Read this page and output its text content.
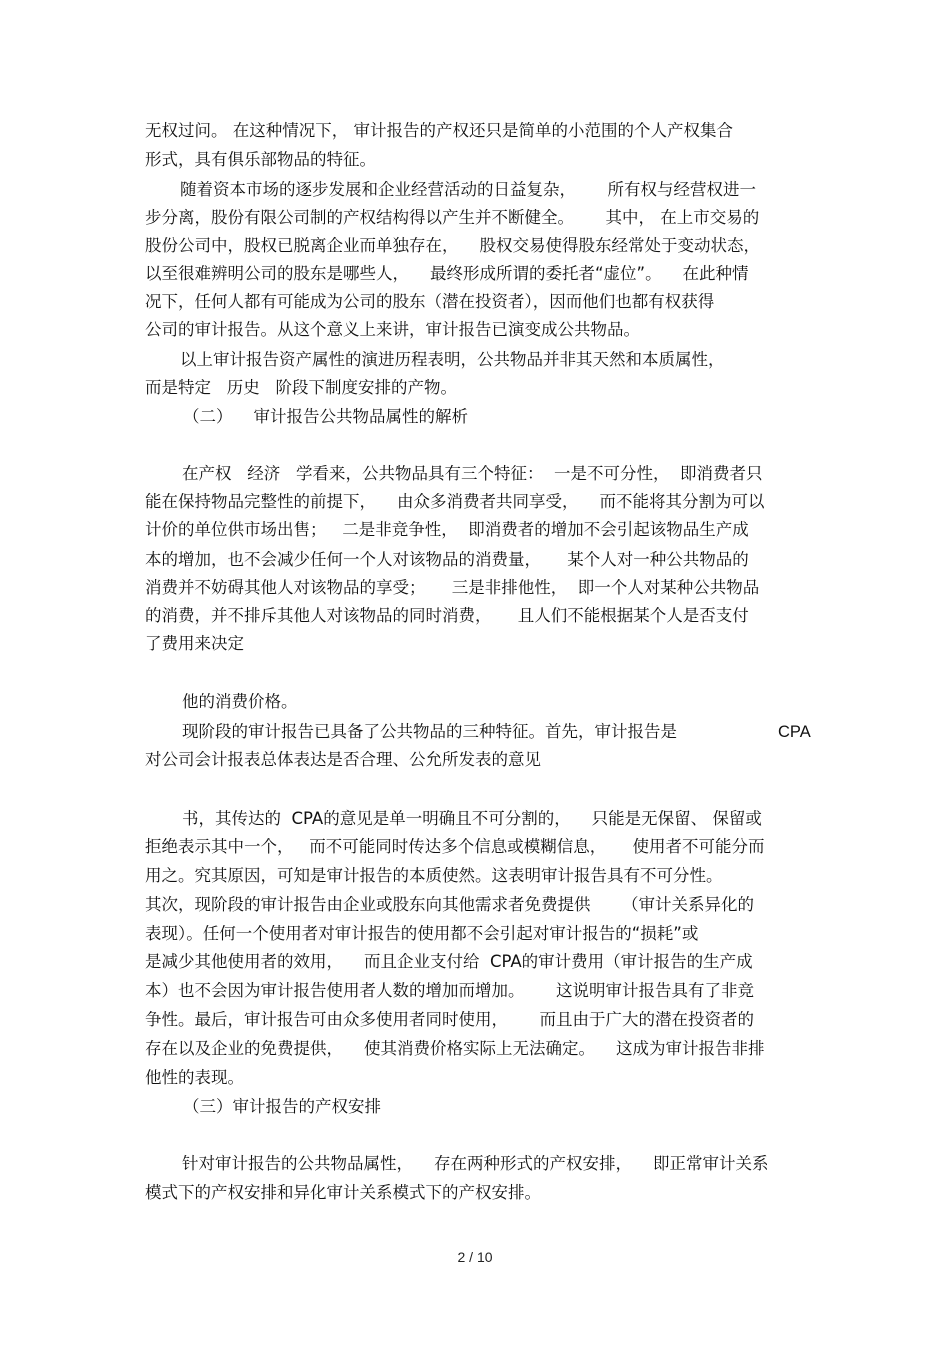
无权过问。 在这种情况下， 审计报告的产权还只是简单的小范围的个人产权集合
形式，具有俱乐部物品的特征。
随着资本市场的逐步发展和企业经营活动的日益复杂，      所有权与经营权进一
步分离，股份有限公司制的产权结构得以产生并不断健全。      其中， 在上市交易的
股份公司中，股权已脱离企业而单独存在，    股权交易使得股东经常处于变动状态，
以至很难辨明公司的股东是哪些人，    最终形成所谓的委托者“虚位”。    在此种情
况下，任何人都有可能成为公司的股东（潜在投资者），因而他们也都有权获得
公司的审计报告。从这个意义上来讲，审计报告已演变成公共物品。
以上审计报告资产属性的演进历程表明，公共物品并非其天然和本质属性，
而是特定   历史   阶段下制度安排的产物。
（二）    审计报告公共物品属性的解析
在产权   经济   学看来，公共物品具有三个特征：  一是不可分性，  即消费者只
能在保持物品完整性的前提下，    由众多消费者共同享受，    而不能将其分割为可以
计价的单位供市场出售；   二是非竞争性，  即消费者的增加不会引起该物品生产成
本的增加，也不会减少任何一个人对该物品的消费量，     某个人对一种公共物品的
消费并不妨碍其他人对该物品的享受；     三是非排他性，  即一个人对某种公共物品
的消费，并不排斥其他人对该物品的同时消费，     且人们不能根据某个人是否支付
了费用来决定
他的消费价格。
现阶段的审计报告已具备了公共物品的三种特征。首先，审计报告是	CPA
对公司会计报表总体表达是否合理、公允所发表的意见
书，其传达的  CPA的意见是单一明确且不可分割的，    只能是无保留、 保留或
拒绝表示其中一个，   而不可能同时传达多个信息或模糊信息，     使用者不可能分而
用之。究其原因，可知是审计报告的本质使然。这表明审计报告具有不可分性。
其次，现阶段的审计报告由企业或股东向其他需求者免费提供      （审计关系异化的
表现）。任何一个使用者对审计报告的使用都不会引起对审计报告的“损耗”或
是减少其他使用者的效用，    而且企业支付给  CPA的审计费用（审计报告的生产成
本）也不会因为审计报告使用者人数的增加而增加。      这说明审计报告具有了非竞
争性。最后，审计报告可由众多使用者同时使用，      而且由于广大的潜在投资者的
存在以及企业的免费提供，    使其消费价格实际上无法确定。    这成为审计报告非排
他性的表现。
（三）审计报告的产权安排
针对审计报告的公共物品属性，    存在两种形式的产权安排，    即正常审计关系
模式下的产权安排和异化审计关系模式下的产权安排。
2 / 10
